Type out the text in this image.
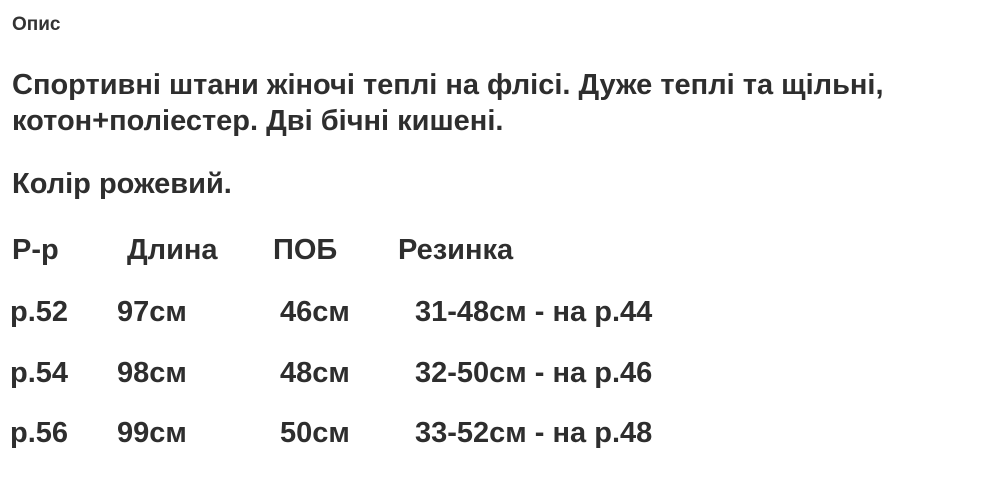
Опис
Спортивні штани жіночі теплі на флісі. Дуже теплі та щільні,
котон+поліестер. Дві бічні кишені.
Колір рожевий.
Р-р Длина ПОБ Резинка
р.52 97см	46см 31-48см - на р.44
р.54 98см	48см 32-50см - на р.46
р.56 99см	50см 33-52см - на р.48
